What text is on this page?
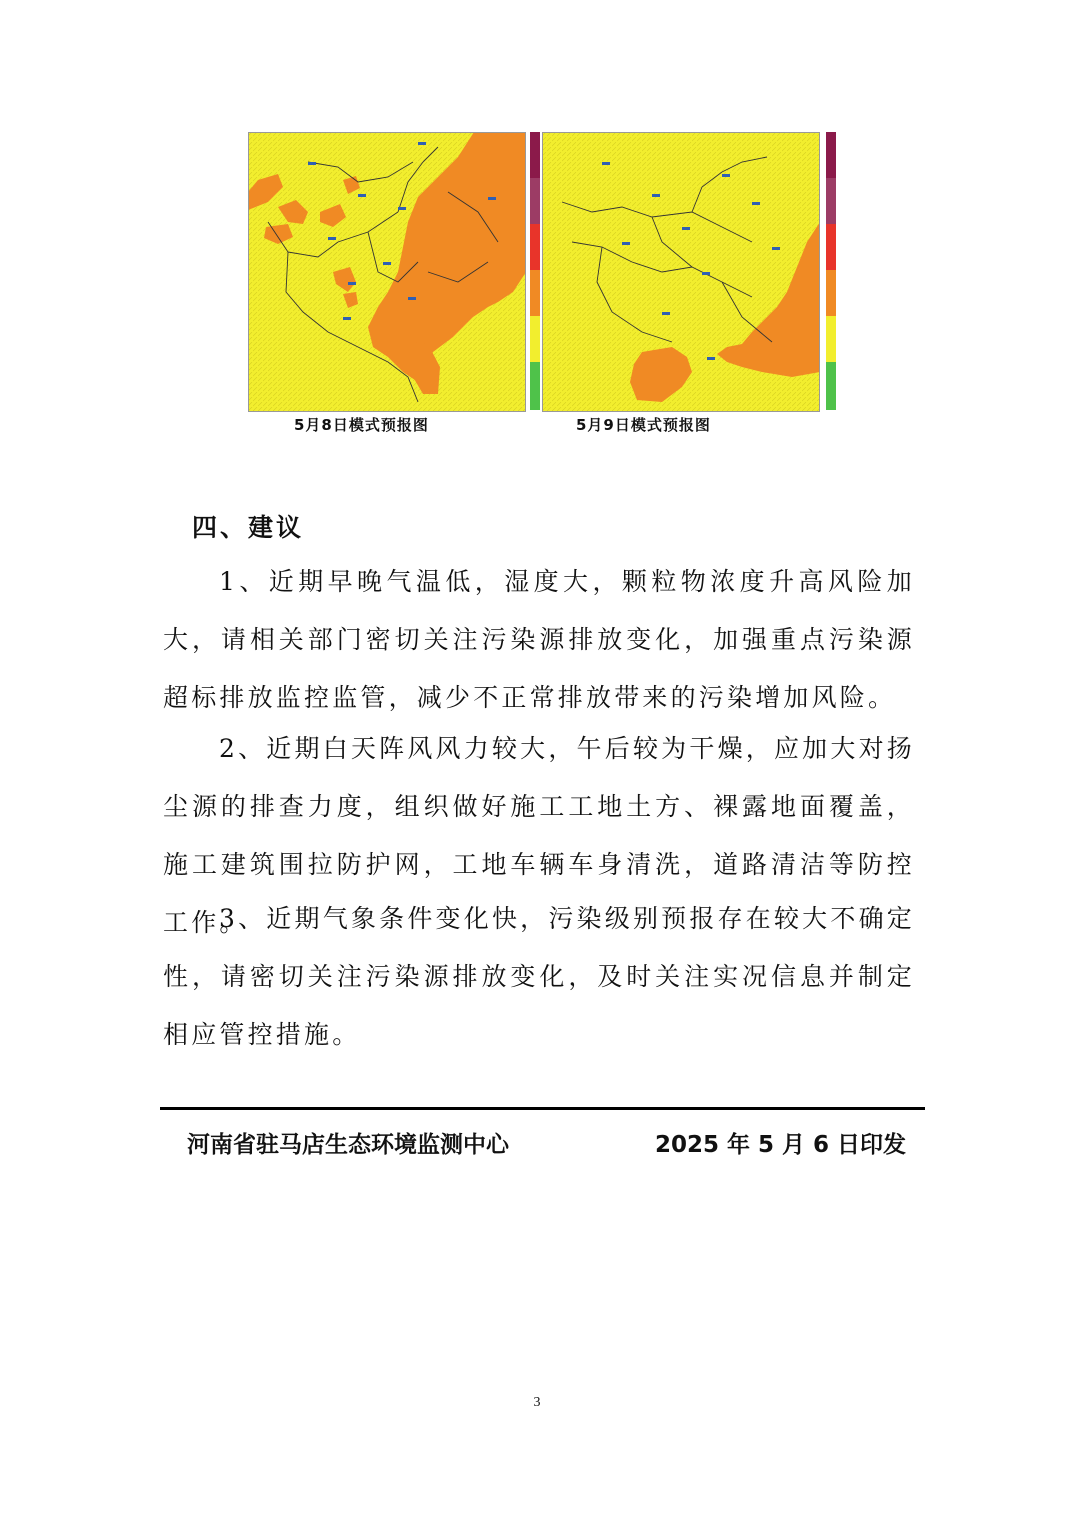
5月8日模式预报图	5月9日模式预报图
四、建议
1、近期早晚气温低，湿度大，颗粒物浓度升高风险加大，请相关部门密切关注污染源排放变化，加强重点污染源超标排放监控监管，减少不正常排放带来的污染增加风险。
2、近期白天阵风风力较大，午后较为干燥，应加大对扬尘源的排查力度，组织做好施工工地土方、裸露地面覆盖，施工建筑围拉防护网，工地车辆车身清洗，道路清洁等防控工作。
3、近期气象条件变化快，污染级别预报存在较大不确定性，请密切关注污染源排放变化，及时关注实况信息并制定相应管控措施。
河南省驻马店生态环境监测中心	2025 年 5 月 6 日印发
3
